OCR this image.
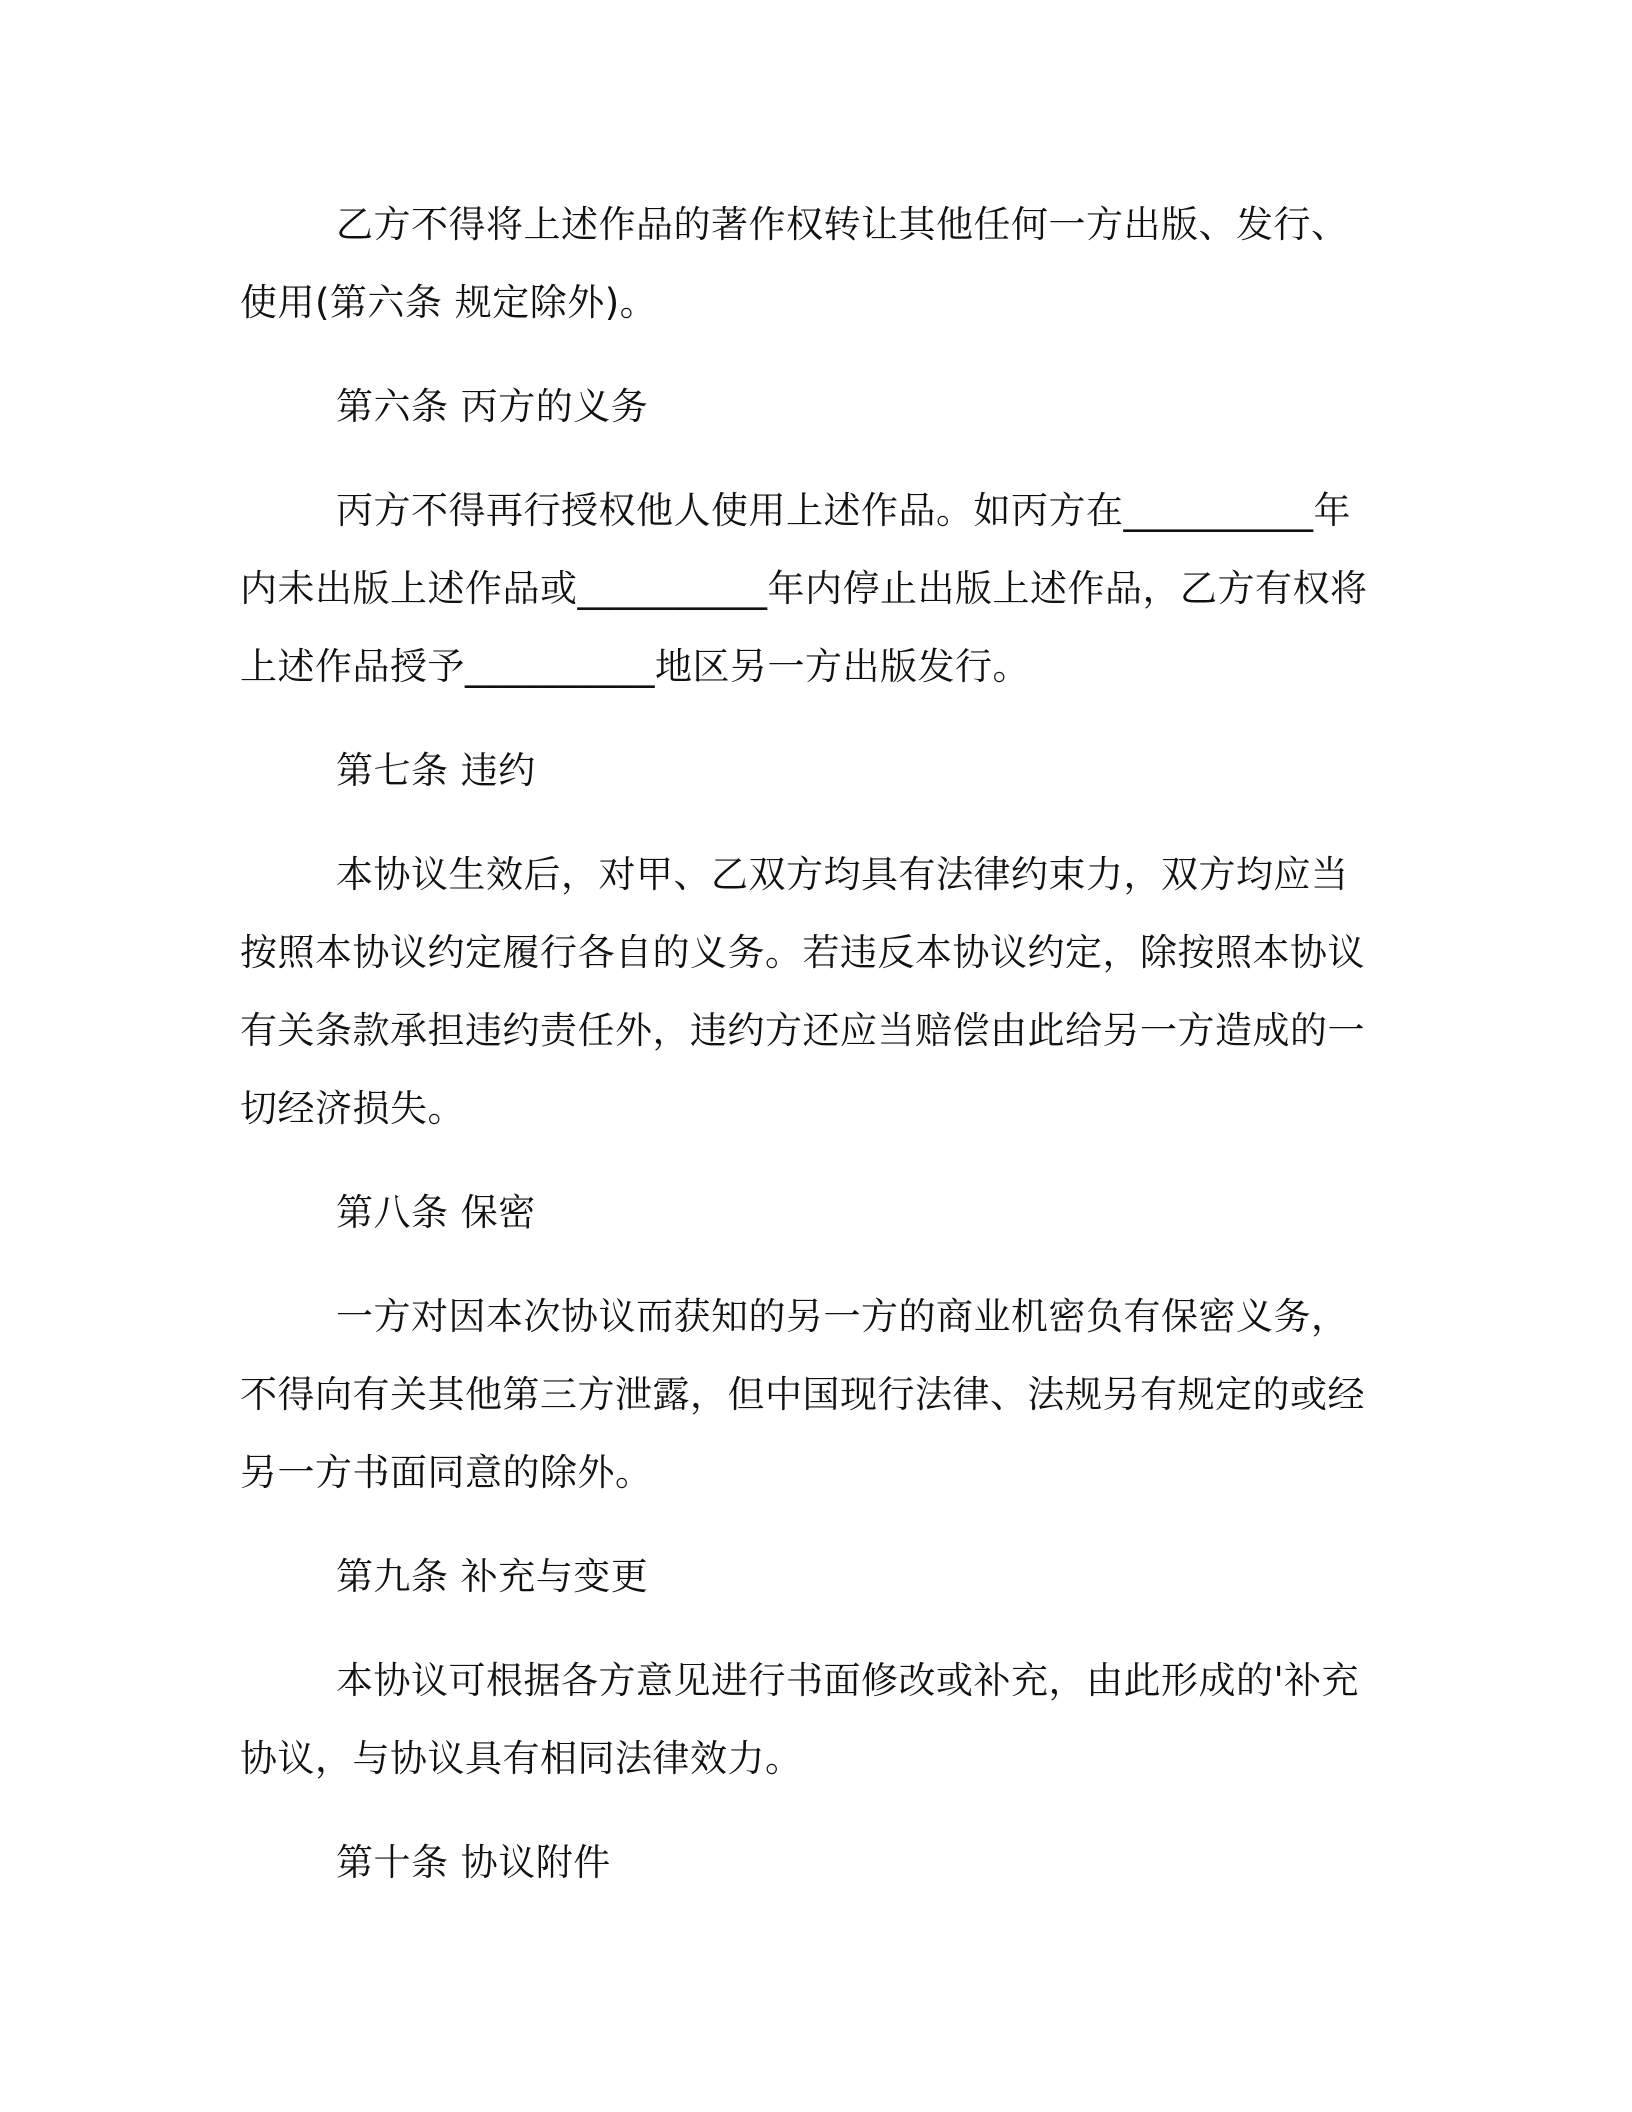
乙方不得将上述作品的著作权转让其他任何一方出版、发行、使用(第六条 规定除外)。

第六条 丙方的义务

丙方不得再行授权他人使用上述作品。如丙方在__________年内未出版上述作品或__________年内停止出版上述作品，乙方有权将上述作品授予__________地区另一方出版发行。

第七条 违约

本协议生效后，对甲、乙双方均具有法律约束力，双方均应当按照本协议约定履行各自的义务。若违反本协议约定，除按照本协议有关条款承担违约责任外，违约方还应当赔偿由此给另一方造成的一切经济损失。

第八条 保密

一方对因本次协议而获知的另一方的商业机密负有保密义务，不得向有关其他第三方泄露，但中国现行法律、法规另有规定的或经另一方书面同意的除外。

第九条 补充与变更

本协议可根据各方意见进行书面修改或补充，由此形成的'补充协议，与协议具有相同法律效力。

第十条 协议附件
